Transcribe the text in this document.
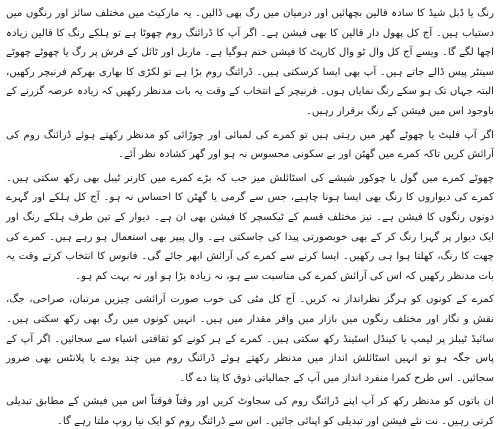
رنگ یا ڈبل شیڈ کا سادہ قالین بچھائیں اور درمیان میں رگ بھی ڈالیں۔ یہ مارکیٹ میں مختلف سائز اور رنگوں میں دستیاب ہیں۔ آج کل پھول دار قالین کا بھی فیشن ہے۔ اگر آپ کا ڈرائنگ روم چھوٹا ہے تو ہلکے رنگ کا قالین زیادہ اچھا لگے گا۔ ویسے آج کل وال ٹو وال کارپٹ کا فیشن ختم ہوگیا ہے۔ ماربل اور ٹائل کے فرش پر رگ یا چھوٹے چھوٹے سینٹر پیس ڈالے جاتے ہیں۔ آپ بھی ایسا کرسکتی ہیں۔ ڈرائنگ روم بڑا ہے تو لکڑی کا بھاری بھرکم فرنیچر رکھیں، البتہ جہاں تک ہو سکے رنگ نمایاں ہوں۔ فرنیچر کے انتخاب کے وقت یہ بات مدنظر رکھیں کہ زیادہ عرصہ گزرنے کے باوجود اس میں فیشن کے رنگ برقرار رہیں۔

اگر آپ فلیٹ یا چھوٹے گھر میں رہتی ہیں تو کمرے کی لمبائی اور چوڑائی کو مدنظر رکھتے ہوئے ڈرائنگ روم کی آرائش کریں تاکہ کمرے میں گھٹن اور بے سکونی محسوس نہ ہو اور گھر کشادہ نظر آئے۔

چھوٹے کمرے میں گول یا چوکور شیشے کی اسٹائلش میز جب کہ بڑے کمرے میں کارنر ٹیبل بھی رکھ سکتی ہیں۔ کمرے کی دیواروں کا رنگ بھی ایسا ہونا چاہیے، جس سے گرمی یا گھٹن کا احساس نہ ہو۔ آج کل ہلکے اور گہرے دونوں رنگوں کا فیشن ہے۔ نیز مختلف قسم کے ٹیکسچر کا فیشن بھی ان ہے۔ دیوار کے تین طرف ہلکے رنگ اور ایک دیوار پر گہرا رنگ کر کے بھی خوبصورتی پیدا کی جاسکتی ہے۔ وال پیپر بھی استعمال ہو رہے ہیں۔ کمرے کی چھت کا رنگ، کھلتا ہوا ہی رکھیں۔ ایسا کرنے سے کمرے کی آرائش ابھر جائے گی۔ فانوس کا انتخاب کرتے وقت یہ بات مدنظر رکھیں کہ اس کی آرائش کمرے کی مناسبت سے ہو، نہ زیادہ بڑا ہو اور نہ بہت کم ہو۔

کمرے کے کونوں کو ہرگز نظرانداز نہ کریں۔ آج کل مٹی کی خوب صورت آرائشی چیزیں مرتبان، صراحی، جگ، نقش و نگار اور مختلف رنگوں میں بازار میں وافر مقدار میں ہیں۔ انہیں کونوں میں رگ بھی رکھ سکتی ہیں۔ سائیڈ ٹیبلز پر لیمپ یا کینڈل اسٹینڈ رکھ سکتی ہیں۔ کمرے کے ہر کونے کو ثقافتی اشیاء سے سجائیں۔ اگر آپ کے پاس جگہ ہو تو انہیں اسٹائلش انداز میں مدنظر رکھتے ہوئے ڈرائنگ روم میں چند پودے یا پلانٹس بھی ضرور سجائیں۔ اس طرح کمرا منفرد انداز میں آپ کے جمالیاتی ذوق کا پتا دے گا۔

ان باتوں کو مدنظر رکھ کر آپ اپنے ڈرائنگ روم کی سجاوٹ کریں اور وقتاً فوقتاً اس میں فیشن کے مطابق تبدیلی کرتی رہیں۔ نت نئے فیشن اور تبدیلی کو اپنائی جائیں۔ اس سے ڈرائنگ روم کو ایک نیا روپ ملتا رہے گا۔
